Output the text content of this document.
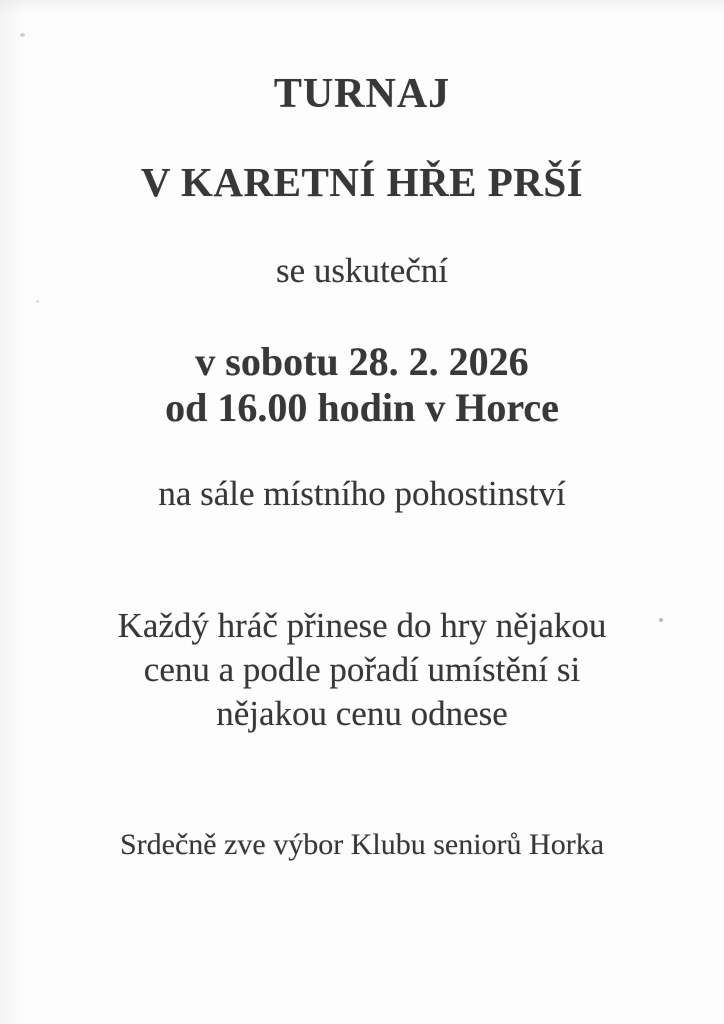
TURNAJ
V KARETNÍ HŘE PRŠÍ
se uskuteční
v sobotu 28. 2. 2026
od 16.00 hodin v Horce
na sále místního pohostinství
Každý hráč přinese do hry nějakou
cenu a podle pořadí umístění si
nějakou cenu odnese
Srdečně zve výbor Klubu seniorů Horka
